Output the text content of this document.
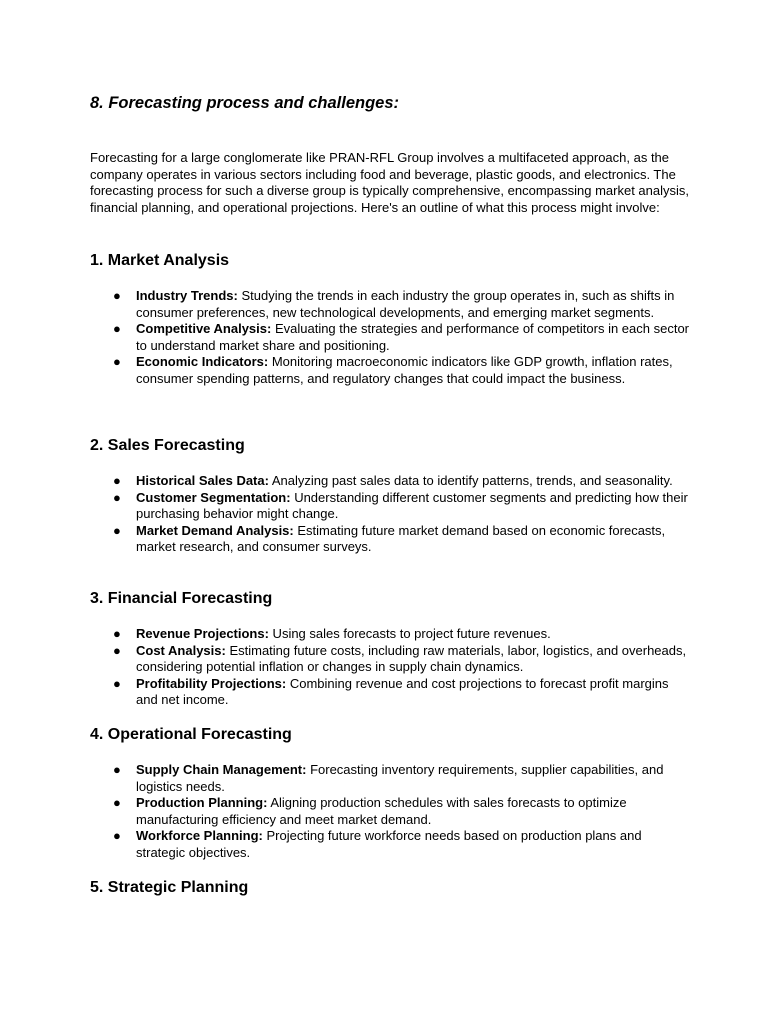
8. Forecasting process and challenges:

Forecasting for a large conglomerate like PRAN-RFL Group involves a multifaceted approach, as the company operates in various sectors including food and beverage, plastic goods, and electronics. The forecasting process for such a diverse group is typically comprehensive, encompassing market analysis, financial planning, and operational projections. Here's an outline of what this process might involve:

1. Market Analysis
● Industry Trends: Studying the trends in each industry the group operates in, such as shifts in consumer preferences, new technological developments, and emerging market segments.
● Competitive Analysis: Evaluating the strategies and performance of competitors in each sector to understand market share and positioning.
● Economic Indicators: Monitoring macroeconomic indicators like GDP growth, inflation rates, consumer spending patterns, and regulatory changes that could impact the business.
2. Sales Forecasting
● Historical Sales Data: Analyzing past sales data to identify patterns, trends, and seasonality.
● Customer Segmentation: Understanding different customer segments and predicting how their purchasing behavior might change.
● Market Demand Analysis: Estimating future market demand based on economic forecasts, market research, and consumer surveys.
3. Financial Forecasting
● Revenue Projections: Using sales forecasts to project future revenues.
● Cost Analysis: Estimating future costs, including raw materials, labor, logistics, and overheads, considering potential inflation or changes in supply chain dynamics.
● Profitability Projections: Combining revenue and cost projections to forecast profit margins and net income.
4. Operational Forecasting
● Supply Chain Management: Forecasting inventory requirements, supplier capabilities, and logistics needs.
● Production Planning: Aligning production schedules with sales forecasts to optimize manufacturing efficiency and meet market demand.
● Workforce Planning: Projecting future workforce needs based on production plans and strategic objectives.
5. Strategic Planning
